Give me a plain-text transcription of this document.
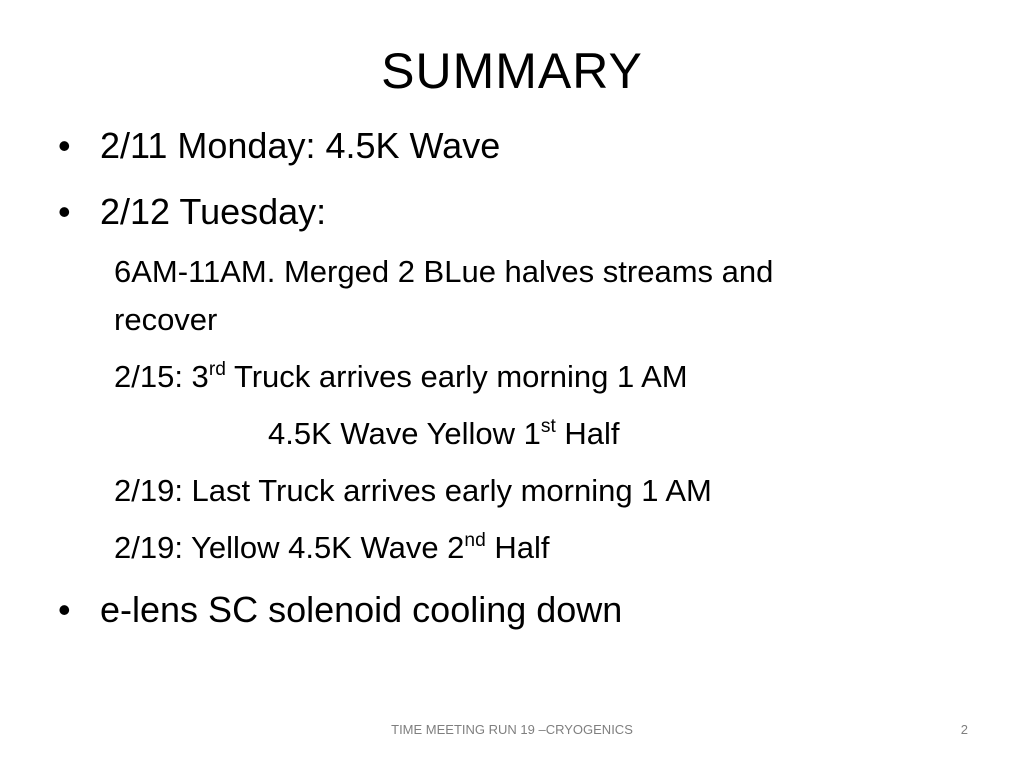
SUMMARY
• 2/11 Monday: 4.5K Wave
• 2/12 Tuesday:
6AM-11AM. Merged 2 BLue halves streams and
recover
2/15: 3rd Truck arrives early morning 1 AM
4.5K Wave Yellow 1st Half
2/19: Last Truck arrives early morning 1 AM
2/19: Yellow 4.5K Wave 2nd Half
• e-lens SC solenoid cooling down
TIME MEETING RUN 19 –CRYOGENICS	2
